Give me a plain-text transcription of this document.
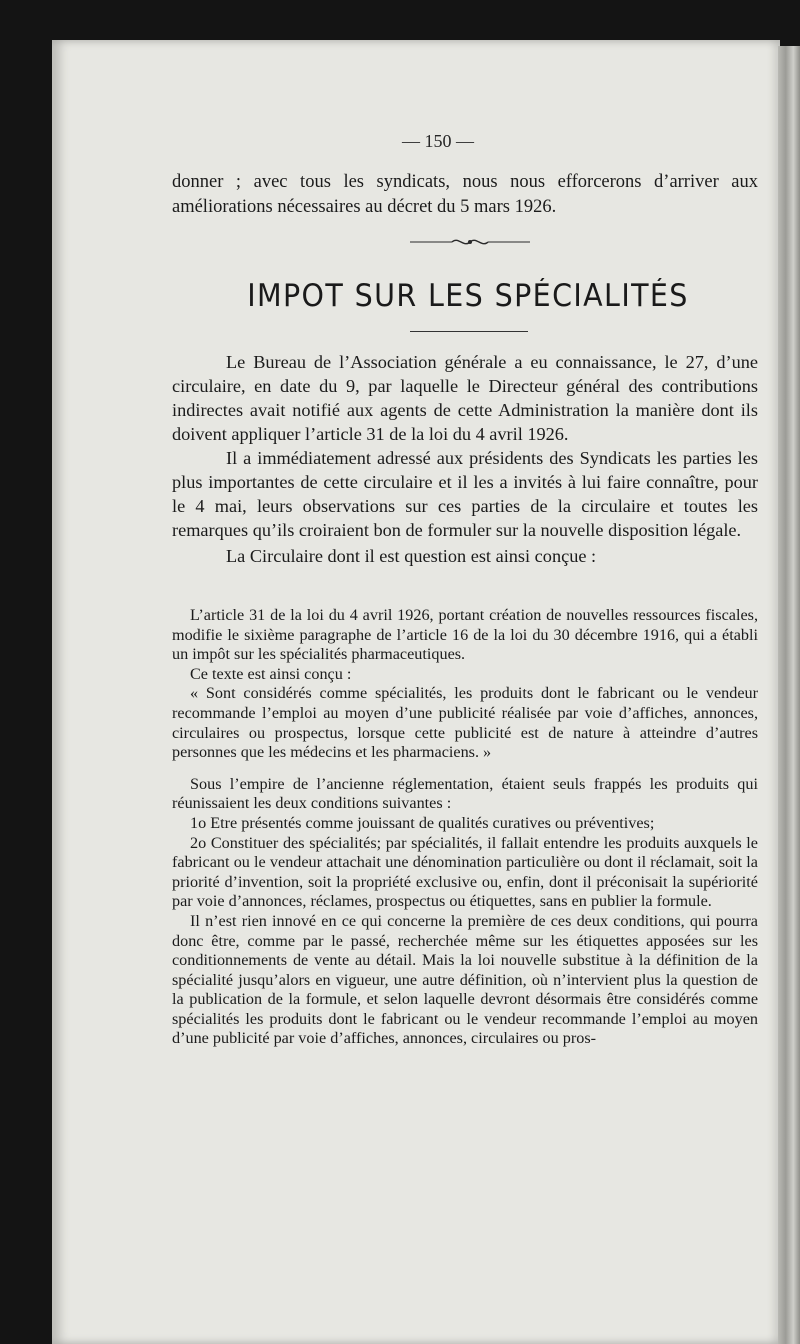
— 150 —

donner ; avec tous les syndicats, nous nous efforcerons d’arriver aux

améliorations nécessaires au décret du 5 mars 1926.

IMPOT SUR LES SPÉCIALITÉS

Le Bureau de l’Association générale a eu connaissance, le 27, d’une circulaire, en date du 9, par laquelle le Directeur général des contributions indirectes avait notifié aux agents de cette Administration la manière dont ils doivent appliquer l’article 31 de la loi du 4 avril 1926.

Il a immédiatement adressé aux présidents des Syndicats les parties les plus importantes de cette circulaire et il les a invités à lui faire connaître, pour le 4 mai, leurs observations sur ces parties de la circulaire et toutes les remarques qu’ils croiraient bon de formuler sur la nouvelle disposition légale.

La Circulaire dont il est question est ainsi conçue :

L’article 31 de la loi du 4 avril 1926, portant création de nouvelles ressources fiscales, modifie le sixième paragraphe de l’article 16 de la loi du 30 décembre 1916, qui a établi un impôt sur les spécialités pharmaceutiques.

Ce texte est ainsi conçu :

« Sont considérés comme spécialités, les produits dont le fabricant ou le vendeur recommande l’emploi au moyen d’une publicité réalisée par voie d’affiches, annonces, circulaires ou prospectus, lorsque cette publicité est de nature à atteindre d’autres personnes que les médecins et les pharmaciens. »

Sous l’empire de l’ancienne réglementation, étaient seuls frappés les produits qui réunissaient les deux conditions suivantes :

1o Etre présentés comme jouissant de qualités curatives ou préventives;

2o Constituer des spécialités; par spécialités, il fallait entendre les produits auxquels le fabricant ou le vendeur attachait une dénomination particulière ou dont il réclamait, soit la priorité d’invention, soit la propriété exclusive ou, enfin, dont il préconisait la supériorité par voie d’annonces, réclames, prospectus ou étiquettes, sans en publier la formule.

Il n’est rien innové en ce qui concerne la première de ces deux conditions, qui pourra donc être, comme par le passé, recherchée même sur les étiquettes apposées sur les conditionnements de vente au détail. Mais la loi nouvelle substitue à la définition de la spécialité jusqu’alors en vigueur, une autre définition, où n’intervient plus la question de la publication de la formule, et selon laquelle devront désormais être considérés comme spécialités les produits dont le fabricant ou le vendeur recommande l’emploi au moyen d’une publicité par voie d’affiches, annonces, circulaires ou pros-
